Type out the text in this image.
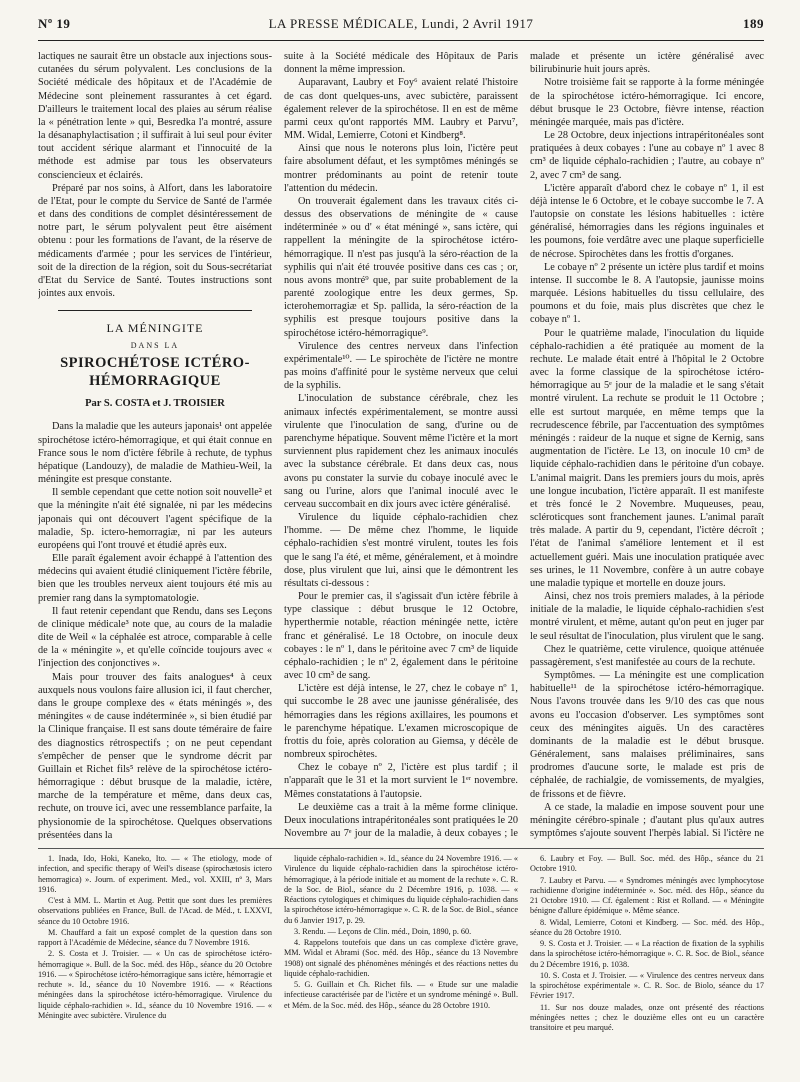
Nº 19	LA PRESSE MÉDICALE, Lundi, 2 Avril 1917	189

lactiques ne saurait être un obstacle aux injections sous-cutanées du sérum polyvalent. Les conclusions de la Société médicale des hôpitaux et de l'Académie de Médecine sont pleinement rassurantes à cet égard. D'ailleurs le traitement local des plaies au sérum réalise la « pénétration lente » qui, Besredka l'a montré, assure la désanaphylactisation ; il suffirait à lui seul pour éviter tout accident sérique alarmant et l'innocuité de la méthode est admise par tous les observateurs consciencieux et éclairés.

Préparé par nos soins, à Alfort, dans les laboratoire de l'Etat, pour le compte du Service de Santé de l'armée et dans des conditions de complet désintéressement de notre part, le sérum polyvalent peut être aisément obtenu : pour les formations de l'avant, de la réserve de médicaments d'armée ; pour les services de l'intérieur, soit de la direction de la région, soit du Sous-secrétariat d'Etat du Service de Santé. Toutes instructions sont jointes aux envois.

LA MÉNINGITE
DANS LA
SPIROCHÉTOSE ICTÉRO-HÉMORRAGIQUE
Par S. COSTA et J. TROISIER

Dans la maladie que les auteurs japonais¹ ont appelée spirochétose ictéro-hémorragique, et qui était connue en France sous le nom d'ictère fébrile à rechute, de typhus hépatique (Landouzy), de maladie de Mathieu-Weil, la méningite est presque constante.

Il semble cependant que cette notion soit nouvelle² et que la méningite n'ait été signalée, ni par les médecins japonais qui ont découvert l'agent spécifique de la maladie, Sp. ictero-hemorragiæ, ni par les auteurs européens qui l'ont trouvé et étudié après eux.

Elle paraît également avoir échappé à l'attention des médecins qui avaient étudié cliniquement l'ictère fébrile, bien que les troubles nerveux aient toujours été mis au premier rang dans la symptomatologie.

Il faut retenir cependant que Rendu, dans ses Leçons de clinique médicale³ note que, au cours de la maladie dite de Weil « la céphalée est atroce, comparable à celle de la « méningite », et qu'elle coïncide toujours avec « l'injection des conjonctives ».

Mais pour trouver des faits analogues⁴ à ceux auxquels nous voulons faire allusion ici, il faut chercher, dans le groupe complexe des « états méningés », des méningites « de cause indéterminée », si bien étudié par la Clinique française. Il est sans doute téméraire de faire des diagnostics rétrospectifs ; on ne peut cependant s'empêcher de penser que le syndrome décrit par Guillain et Richet fils⁵ relève de la spirochétose ictéro-hémorragique : début brusque de la maladie, ictère, marche de la température et même, dans deux cas, rechute, on trouve ici, avec une ressemblance parfaite, la physionomie de la spirochétose. Quelques observations présentées dans la

suite à la Société médicale des Hôpitaux de Paris donnent la même impression.

Auparavant, Laubry et Foy⁶ avaient relaté l'histoire de cas dont quelques-uns, avec subictère, paraissent également relever de la spirochétose. Il en est de même parmi ceux qu'ont rapportés MM. Laubry et Parvu⁷, MM. Widal, Lemierre, Cotoni et Kindberg⁸.

Ainsi que nous le noterons plus loin, l'ictère peut faire absolument défaut, et les symptômes méningés se montrer prédominants au point de retenir toute l'attention du médecin.

On trouverait également dans les travaux cités ci-dessus des observations de méningite de « cause indéterminée » ou d' « état méningé », sans ictère, qui rappellent la méningite de la spirochétose ictéro-hémorragique. Il n'est pas jusqu'à la séro-réaction de la syphilis qui n'ait été trouvée positive dans ces cas ; or, nous avons montré⁹ que, par suite probablement de la parenté zoologique entre les deux germes, Sp. icterohemorragiæ et Sp. pallida, la séro-réaction de la syphilis est presque toujours positive dans la spirochétose ictéro-hémorragique⁹.

Virulence des centres nerveux dans l'infection expérimentale¹⁰. — Le spirochète de l'ictère ne montre pas moins d'affinité pour le système nerveux que celui de la syphilis.

L'inoculation de substance cérébrale, chez les animaux infectés expérimentalement, se montre aussi virulente que l'inoculation de sang, d'urine ou de parenchyme hépatique. Souvent même l'ictère et la mort surviennent plus rapidement chez les animaux inoculés avec la substance cérébrale. Et dans deux cas, nous avons pu constater la survie du cobaye inoculé avec le sang ou l'urine, alors que l'animal inoculé avec le cerveau succombait en dix jours avec ictère généralisé.

Virulence du liquide céphalo-rachidien chez l'homme. — De même chez l'homme, le liquide céphalo-rachidien s'est montré virulent, toutes les fois que le sang l'a été, et même, généralement, et à moindre dose, plus virulent que lui, ainsi que le démontrent les résultats ci-dessous :

Pour le premier cas, il s'agissait d'un ictère fébrile à type classique : début brusque le 12 Octobre, hyperthermie notable, réaction méningée nette, ictère franc et généralisé. Le 18 Octobre, on inocule deux cobayes : le nº 1, dans le péritoine avec 7 cm³ de liquide céphalo-rachidien ; le nº 2, également dans le péritoine avec 10 cm³ de sang.

L'ictère est déjà intense, le 27, chez le cobaye nº 1, qui succombe le 28 avec une jaunisse généralisée, des hémorragies dans les régions axillaires, les poumons et le parenchyme hépatique. L'examen microscopique de frottis du foie, après coloration au Giemsa, y décèle de nombreux spirochètes.

Chez le cobaye nº 2, l'ictère est plus tardif ; il n'apparaît que le 31 et la mort survient le 1ᵉʳ novembre. Mêmes constatations à l'autopsie.

Le deuxième cas a trait à la même forme clinique. Deux inoculations intrapéritonéales sont pratiquées le 20 Novembre au 7ᵉ jour de la maladie, à deux cobayes ; le

malade et présente un ictère généralisé avec bilirubinurie huit jours après.

Notre troisième fait se rapporte à la forme méningée de la spirochétose ictéro-hémorragique. Ici encore, début brusque le 23 Octobre, fièvre intense, réaction méningée marquée, mais pas d'ictère.

Le 28 Octobre, deux injections intrapéritonéales sont pratiquées à deux cobayes : l'une au cobaye nº 1 avec 8 cm³ de liquide céphalo-rachidien ; l'autre, au cobaye nº 2, avec 7 cm³ de sang.

L'ictère apparaît d'abord chez le cobaye nº 1, il est déjà intense le 6 Octobre, et le cobaye succombe le 7. A l'autopsie on constate les lésions habituelles : ictère généralisé, hémorragies dans les régions inguinales et les poumons, foie verdâtre avec une plaque superficielle de nécrose. Spirochètes dans les frottis d'organes.

Le cobaye nº 2 présente un ictère plus tardif et moins intense. Il succombe le 8. A l'autopsie, jaunisse moins marquée. Lésions habituelles du tissu cellulaire, des poumons et du foie, mais plus discrètes que chez le cobaye nº 1.

Pour le quatrième malade, l'inoculation du liquide céphalo-rachidien a été pratiquée au moment de la rechute. Le malade était entré à l'hôpital le 2 Octobre avec la forme classique de la spirochétose ictéro-hémorragique au 5ᵉ jour de la maladie et le sang s'était montré virulent. La rechute se produit le 11 Octobre ; elle est surtout marquée, en même temps que la recrudescence fébrile, par l'accentuation des symptômes méningés : raideur de la nuque et signe de Kernig, sans augmentation de l'ictère. Le 13, on inocule 10 cm³ de liquide céphalo-rachidien dans le péritoine d'un cobaye. L'animal maigrit. Dans les premiers jours du mois, après une longue incubation, l'ictère apparaît. Il est manifeste et très foncé le 2 Novembre. Muqueuses, peau, scléroticques sont franchement jaunes. L'animal paraît très malade. A partir du 9, cependant, l'ictère décroît ; l'état de l'animal s'améliore lentement et il est actuellement guéri. Mais une inoculation pratiquée avec ses urines, le 11 Novembre, confère à un autre cobaye une maladie typique et mortelle en douze jours.

Ainsi, chez nos trois premiers malades, à la période initiale de la maladie, le liquide céphalo-rachidien s'est montré virulent, et même, autant qu'on peut en juger par le seul résultat de l'inoculation, plus virulent que le sang.

Chez le quatrième, cette virulence, quoique atténuée passagèrement, s'est manifestée au cours de la rechute.

Symptômes. — La méningite est une complication habituelle¹¹ de la spirochétose ictéro-hémorragique. Nous l'avons trouvée dans les 9/10 des cas que nous avons eu l'occasion d'observer. Les symptômes sont ceux des méningites aiguës. Un des caractères dominants de la maladie est le début brusque. Généralement, sans malaises préliminaires, sans prodromes d'aucune sorte, le malade est pris de céphalée, de rachialgie, de vomissements, de myalgies, de frissons et de fièvre.

A ce stade, la maladie en impose souvent pour une méningite cérébro-spinale ; d'autant plus qu'aux autres symptômes s'ajoute souvent l'herpès labial. Si l'ictère ne

1. Inada, Ido, Hoki, Kaneko, Ito. — « The etiology, mode of infection, and specific therapy of Weil's disease (spirochætosis ictero hemorragica) ». Journ. of experiment. Med., vol. XXIII, nº 3, Mars 1916.

C'est à MM. L. Martin et Aug. Pettit que sont dues les premières observations publiées en France, Bull. de l'Acad. de Méd., t. LXXVI, séance du 10 Octobre 1916.

M. Chauffard a fait un exposé complet de la question dans son rapport à l'Académie de Médecine, séance du 7 Novembre 1916.

2. S. Costa et J. Troisier. — « Un cas de spirochétose ictéro-hémorragique ». Bull. de la Soc. méd. des Hôp., séance du 20 Octobre 1916. — « Spirochétose ictéro-hémorragique sans ictère, hémorragie et rechute ». Id., séance du 10 Novembre 1916. — « Réactions méningées dans la spirochétose ictéro-hémorragique. Virulence du liquide céphalo-rachidien ». Id., séance du 10 Novembre 1916. — « Méningite avec subictère. Virulence du

liquide céphalo-rachidien ». Id., séance du 24 Novembre 1916. — « Virulence du liquide céphalo-rachidien dans la spirochétose ictéro-hémorragique, à la période initiale et au moment de la rechute ». C. R. de la Soc. de Biol., séance du 2 Décembre 1916, p. 1038. — « Réactions cytologiques et chimiques du liquide céphalo-rachidien dans la spirochétose ictéro-hémorragique ». C. R. de la Soc. de Biol., séance du 6 Janvier 1917, p. 29.

3. Rendu. — Leçons de Clin. méd., Doin, 1890, p. 60.

4. Rappelons toutefois que dans un cas complexe d'ictère grave, MM. Widal et Abrami (Soc. méd. des Hôp., séance du 13 Novembre 1908) ont signalé des phénomènes méningés et des réactions nettes du liquide céphalo-rachidien.

5. G. Guillain et Ch. Richet fils. — « Etude sur une maladie infectieuse caractérisée par de l'ictère et un syndrome méningé ». Bull. et Mém. de la Soc. méd. des Hôp., séance du 28 Octobre 1910.

6. Laubry et Foy. — Bull. Soc. méd. des Hôp., séance du 21 Octobre 1910.

7. Laubry et Parvu. — « Syndromes méningés avec lymphocytose rachidienne d'origine indéterminée ». Soc. méd. des Hôp., séance du 21 Octobre 1910. — Cf. également : Rist et Rolland. — « Méningite bénigne d'allure épidémique ». Même séance.

8. Widal, Lemierre, Cotoni et Kindberg. — Soc. méd. des Hôp., séance du 28 Octobre 1910.

9. S. Costa et J. Troisier. — « La réaction de fixation de la syphilis dans la spirochétose ictéro-hémorragique ». C. R. Soc. de Biol., séance du 2 Décembre 1916, p. 1038.

10. S. Costa et J. Troisier. — « Virulence des centres nerveux dans la spirochétose expérimentale ». C. R. Soc. de Biolo, séance du 17 Février 1917.

11. Sur nos douze malades, onze ont présenté des réactions méningées nettes ; chez le douzième elles ont eu un caractère transitoire et peu marqué.
